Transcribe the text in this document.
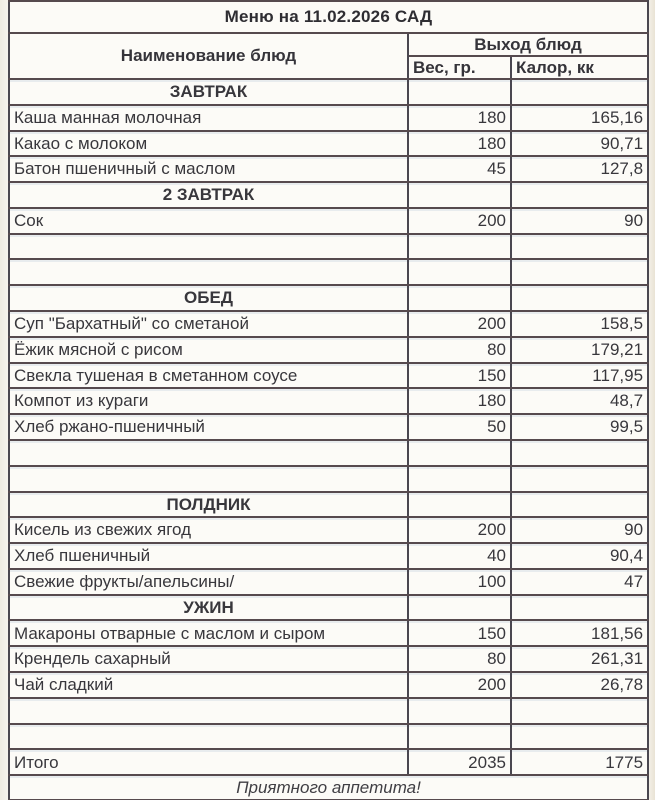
Меню на 11.02.2026 САД		
Наименование блюд	Выход блюд	
	Вес, гр.	Калор, кк
ЗАВТРАК		
Каша манная молочная	180	165,16
Какао с молоком	180	90,71
Батон пшеничный с маслом	45	127,8
2 ЗАВТРАК		
Сок	200	90

ОБЕД		
Суп "Бархатный" со сметаной	200	158,5
Ёжик мясной с рисом	80	179,21
Свекла тушеная в сметанном соусе	150	117,95
Компот из кураги	180	48,7
Хлеб ржано-пшеничный	50	99,5

ПОЛДНИК		
Кисель из свежих ягод	200	90
Хлеб пшеничный	40	90,4
Свежие фрукты/апельсины/	100	47
УЖИН		
Макароны отварные с маслом и сыром	150	181,56
Крендель сахарный	80	261,31
Чай сладкий	200	26,78

Итого	2035	1775
Приятного аппетита!		
